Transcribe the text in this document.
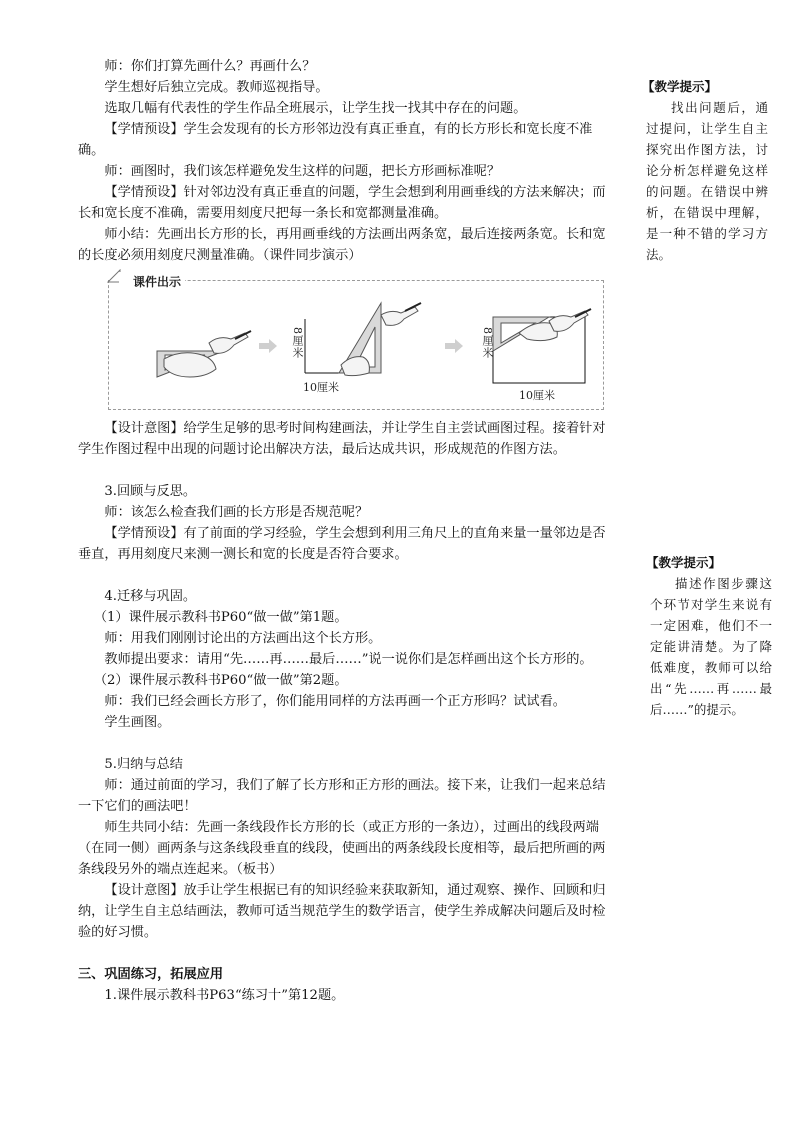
师：你们打算先画什么？再画什么？

学生想好后独立完成。教师巡视指导。

选取几幅有代表性的学生作品全班展示，让学生找一找其中存在的问题。

【学情预设】学生会发现有的长方形邻边没有真正垂直，有的长方形长和宽长度不准确。

师：画图时，我们该怎样避免发生这样的问题，把长方形画标准呢？

【学情预设】针对邻边没有真正垂直的问题，学生会想到利用画垂线的方法来解决；而长和宽长度不准确，需要用刻度尺把每一条长和宽都测量准确。

师小结：先画出长方形的长，再用画垂线的方法画出两条宽，最后连接两条宽。长和宽的长度必须用刻度尺测量准确。（课件同步演示）

课件出示
8厘米
10厘米
8厘米
10厘米

【设计意图】给学生足够的思考时间构建画法，并让学生自主尝试画图过程。接着针对学生作图过程中出现的问题讨论出解决方法，最后达成共识，形成规范的作图方法。

3.回顾与反思。

师：该怎么检查我们画的长方形是否规范呢？

【学情预设】有了前面的学习经验，学生会想到利用三角尺上的直角来量一量邻边是否垂直，再用刻度尺来测一测长和宽的长度是否符合要求。

4.迁移与巩固。

（1）课件展示教科书P60“做一做”第1题。

师：用我们刚刚讨论出的方法画出这个长方形。

教师提出要求：请用“先……再……最后……”说一说你们是怎样画出这个长方形的。

（2）课件展示教科书P60“做一做”第2题。

师：我们已经会画长方形了，你们能用同样的方法再画一个正方形吗？试试看。

学生画图。

5.归纳与总结

师：通过前面的学习，我们了解了长方形和正方形的画法。接下来，让我们一起来总结一下它们的画法吧！

师生共同小结：先画一条线段作长方形的长（或正方形的一条边），过画出的线段两端（在同一侧）画两条与这条线段垂直的线段，使画出的两条线段长度相等，最后把所画的两条线段另外的端点连起来。（板书）

【设计意图】放手让学生根据已有的知识经验来获取新知，通过观察、操作、回顾和归纳，让学生自主总结画法，教师可适当规范学生的数学语言，使学生养成解决问题后及时检验的好习惯。

三、巩固练习，拓展应用

1.课件展示教科书P63“练习十”第12题。

【教学提示】

找出问题后，通过提问，让学生自主探究出作图方法，讨论分析怎样避免这样的问题。在错误中辨析，在错误中理解，是一种不错的学习方法。

【教学提示】

描述作图步骤这个环节对学生来说有一定困难，他们不一定能讲清楚。为了降低难度，教师可以给出“先……再……最后……”的提示。
